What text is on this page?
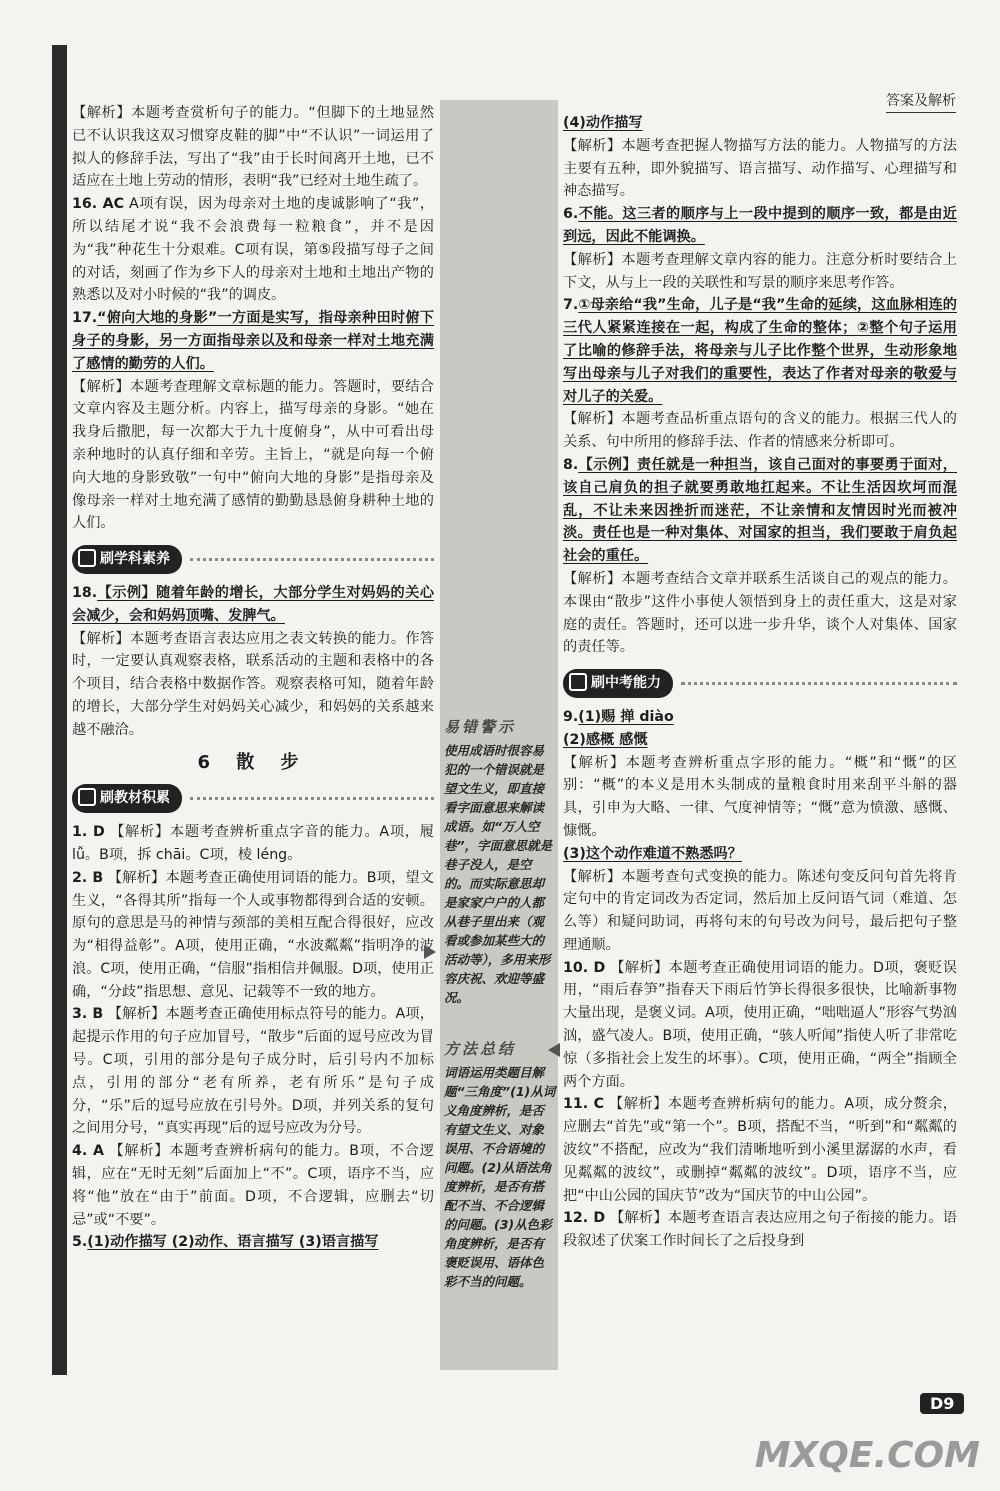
答案及解析

【解析】本题考查赏析句子的能力。“但脚下的土地显然已不认识我这双习惯穿皮鞋的脚”中“不认识”一词运用了拟人的修辞手法，写出了“我”由于长时间离开土地，已不适应在土地上劳动的情形，表明“我”已经对土地生疏了。

16. AC A项有误，因为母亲对土地的虔诚影响了“我”，所以结尾才说“我不会浪费每一粒粮食”，并不是因为“我”种花生十分艰难。C项有误，第⑤段描写母子之间的对话，刻画了作为乡下人的母亲对土地和土地出产物的熟悉以及对小时候的“我”的调皮。

17.“俯向大地的身影”一方面是实写，指母亲种田时俯下身子的身影，另一方面指母亲以及和母亲一样对土地充满了感情的勤劳的人们。

【解析】本题考查理解文章标题的能力。答题时，要结合文章内容及主题分析。内容上，描写母亲的身影。“她在我身后撒肥，每一次都大于九十度俯身”，从中可看出母亲种地时的认真仔细和辛劳。主旨上，“就是向每一个俯向大地的身影致敬”一句中“俯向大地的身影”是指母亲及像母亲一样对土地充满了感情的勤勤恳恳俯身耕种土地的人们。

刷学科素养

18.【示例】随着年龄的增长，大部分学生对妈妈的关心会减少，会和妈妈顶嘴、发脾气。

【解析】本题考查语言表达应用之表文转换的能力。作答时，一定要认真观察表格，联系活动的主题和表格中的各个项目，结合表格中数据作答。观察表格可知，随着年龄的增长，大部分学生对妈妈关心减少，和妈妈的关系越来越不融洽。

6 散 步
刷教材积累

1. D 【解析】本题考查辨析重点字音的能力。A项，履 lǚ。B项，拆 chāi。C项，棱 léng。

2. B 【解析】本题考查正确使用词语的能力。B项，望文生义，“各得其所”指每一个人或事物都得到合适的安顿。原句的意思是马的神情与颈部的美相互配合得很好，应改为“相得益彰”。A项，使用正确，“水波粼粼”指明净的波浪。C项，使用正确，“信服”指相信并佩服。D项，使用正确，“分歧”指思想、意见、记载等不一致的地方。

3. B 【解析】本题考查正确使用标点符号的能力。A项，起提示作用的句子应加冒号，“散步”后面的逗号应改为冒号。C项，引用的部分是句子成分时，后引号内不加标点，引用的部分“老有所养，老有所乐”是句子成分，“乐”后的逗号应放在引号外。D项，并列关系的复句之间用分号，“真实再现”后的逗号应改为分号。

4. A 【解析】本题考查辨析病句的能力。B项，不合逻辑，应在“无时无刻”后面加上“不”。C项，语序不当，应将“他”放在“由于”前面。D项，不合逻辑，应删去“切忌”或“不要”。

5.(1)动作描写 (2)动作、语言描写 (3)语言描写

易错警示
使用成语时很容易犯的一个错误就是望文生义，即直接看字面意思来解读成语。如“万人空巷”，字面意思就是巷子没人，是空的。而实际意思却是家家户户的人都从巷子里出来（观看或参加某些大的活动等），多用来形容庆祝、欢迎等盛况。
方法总结
词语运用类题目解题“三角度”(1)从词义角度辨析，是否有望文生义、对象误用、不合语境的问题。(2)从语法角度辨析，是否有搭配不当、不合逻辑的问题。(3)从色彩角度辨析，是否有褒贬误用、语体色彩不当的问题。

(4)动作描写

【解析】本题考查把握人物描写方法的能力。人物描写的方法主要有五种，即外貌描写、语言描写、动作描写、心理描写和神态描写。

6.不能。这三者的顺序与上一段中提到的顺序一致，都是由近到远，因此不能调换。

【解析】本题考查理解文章内容的能力。注意分析时要结合上下文，从与上一段的关联性和写景的顺序来思考作答。

7.①母亲给“我”生命，儿子是“我”生命的延续，这血脉相连的三代人紧紧连接在一起，构成了生命的整体；②整个句子运用了比喻的修辞手法，将母亲与儿子比作整个世界，生动形象地写出母亲与儿子对我们的重要性，表达了作者对母亲的敬爱与对儿子的关爱。

【解析】本题考查品析重点语句的含义的能力。根据三代人的关系、句中所用的修辞手法、作者的情感来分析即可。

8.【示例】责任就是一种担当，该自己面对的事要勇于面对，该自己肩负的担子就要勇敢地扛起来。不让生活因坎坷而混乱，不让未来因挫折而迷茫，不让亲情和友情因时光而被冲淡。责任也是一种对集体、对国家的担当，我们要敢于肩负起社会的重任。

【解析】本题考查结合文章并联系生活谈自己的观点的能力。本课由“散步”这件小事使人领悟到身上的责任重大，这是对家庭的责任。答题时，还可以进一步升华，谈个人对集体、国家的责任等。

刷中考能力

9.(1)赐 掸 diào

(2)感概 感慨

【解析】本题考查辨析重点字形的能力。“概”和“慨”的区别：“概”的本义是用木头制成的量粮食时用来刮平斗斛的器具，引申为大略、一律、气度神情等；“慨”意为愤激、感慨、慷慨。

(3)这个动作难道不熟悉吗？

【解析】本题考查句式变换的能力。陈述句变反问句首先将肯定句中的肯定词改为否定词，然后加上反问语气词（难道、怎么等）和疑问助词，再将句末的句号改为问号，最后把句子整理通顺。

10. D 【解析】本题考查正确使用词语的能力。D项，褒贬误用，“雨后春笋”指春天下雨后竹笋长得很多很快，比喻新事物大量出现，是褒义词。A项，使用正确，“咄咄逼人”形容气势汹汹，盛气凌人。B项，使用正确，“骇人听闻”指使人听了非常吃惊（多指社会上发生的坏事）。C项，使用正确，“两全”指顾全两个方面。

11. C 【解析】本题考查辨析病句的能力。A项，成分赘余，应删去“首先”或“第一个”。B项，搭配不当，“听到”和“粼粼的波纹”不搭配，应改为“我们清晰地听到小溪里潺潺的水声，看见粼粼的波纹”，或删掉“粼粼的波纹”。D项，语序不当，应把“中山公园的国庆节”改为“国庆节的中山公园”。

12. D 【解析】本题考查语言表达应用之句子衔接的能力。语段叙述了伏案工作时间长了之后投身到

D9
MXQE.COM
